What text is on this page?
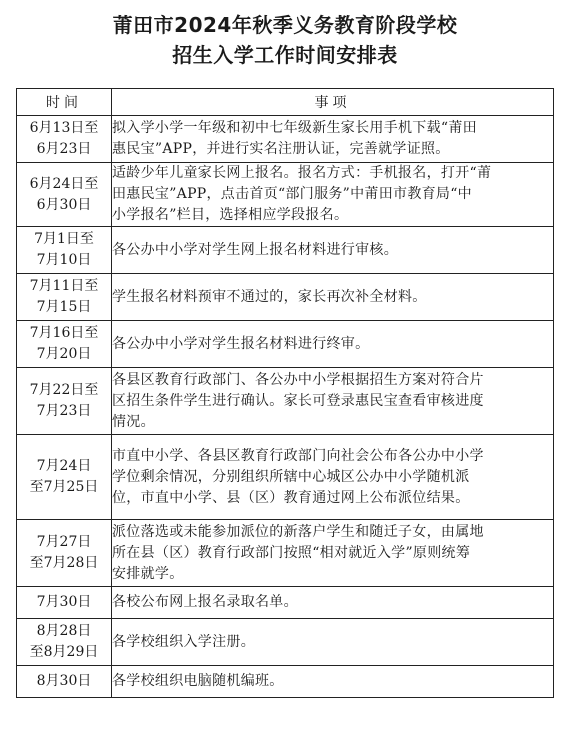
莆田市2024年秋季义务教育阶段学校
招生入学工作时间安排表
时间	事项

6月13日至
6月23日	拟入学小学一年级和初中七年级新生家长用手机下载“莆田
惠民宝”APP，并进行实名注册认证，完善就学证照。

6月24日至
6月30日	适龄少年儿童家长网上报名。报名方式：手机报名，打开“莆
田惠民宝”APP，点击首页“部门服务”中莆田市教育局“中
小学报名”栏目，选择相应学段报名。

7月1日至
7月10日	各公办中小学对学生网上报名材料进行审核。

7月11日至
7月15日	学生报名材料预审不通过的，家长再次补全材料。

7月16日至
7月20日	各公办中小学对学生报名材料进行终审。

7月22日至
7月23日	各县区教育行政部门、各公办中小学根据招生方案对符合片
区招生条件学生进行确认。家长可登录惠民宝查看审核进度
情况。

7月24日
至7月25日	市直中小学、各县区教育行政部门向社会公布各公办中小学
学位剩余情况，分别组织所辖中心城区公办中小学随机派
位，市直中小学、县（区）教育通过网上公布派位结果。

7月27日
至7月28日	派位落选或未能参加派位的新落户学生和随迁子女，由属地
所在县（区）教育行政部门按照“相对就近入学”原则统筹
安排就学。

7月30日	各校公布网上报名录取名单。

8月28日
至8月29日	各学校组织入学注册。

8月30日	各学校组织电脑随机编班。
